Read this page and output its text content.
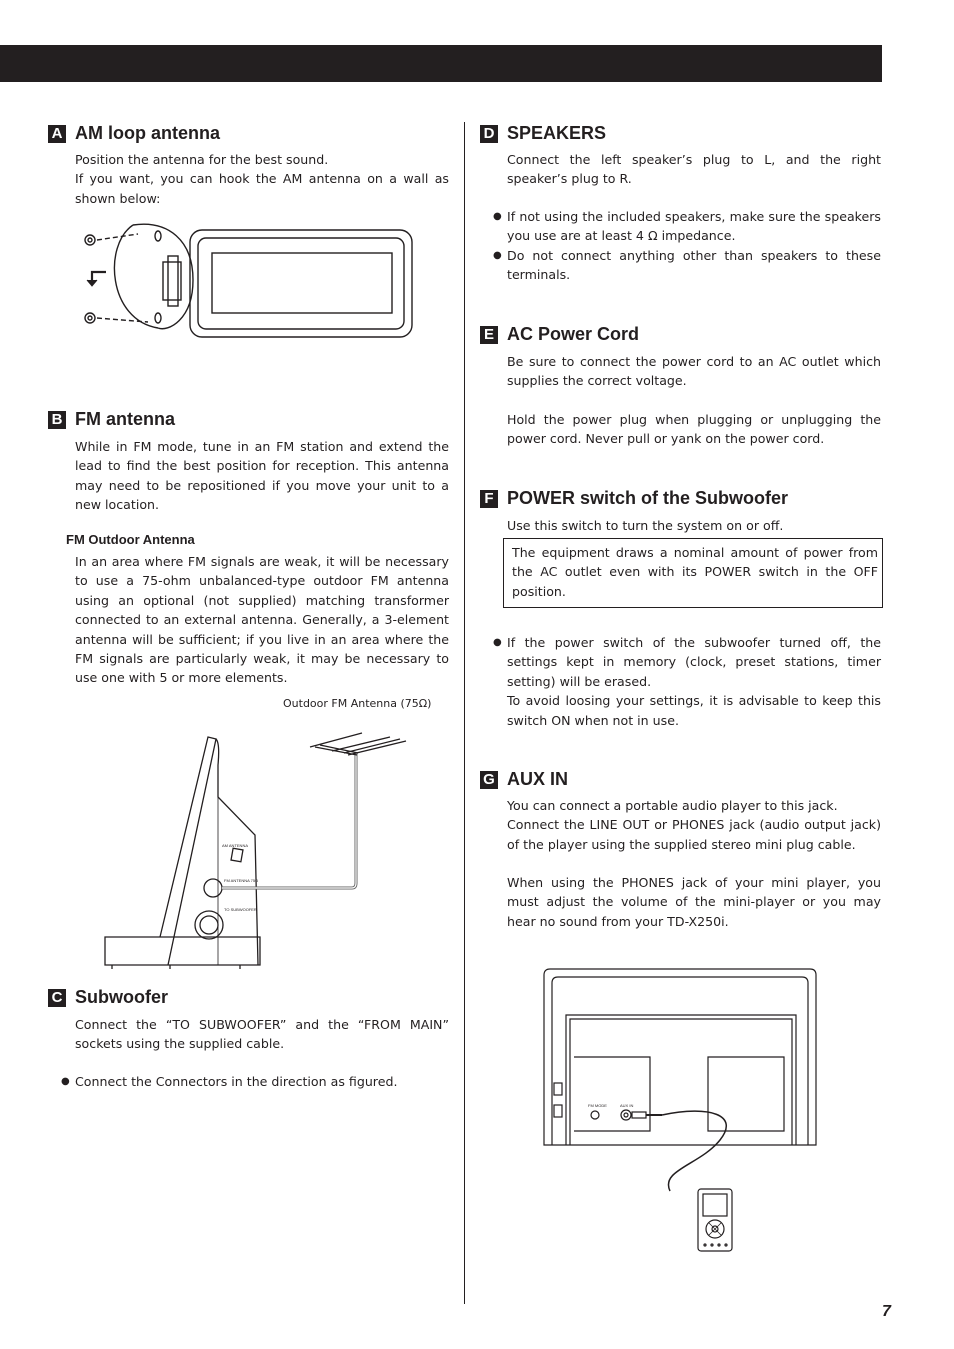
A AM loop antenna
Position the antenna for the best sound.
If you want, you can hook the AM antenna on a wall as shown below:
B FM antenna
While in FM mode, tune in an FM station and extend the lead to find the best position for reception. This antenna may need to be repositioned if you move your unit to a new location.
FM Outdoor Antenna
In an area where FM signals are weak, it will be necessary to use a 75-ohm unbalanced-type outdoor FM antenna using an optional (not supplied) matching transformer connected to an external antenna. Generally, a 3-element antenna will be sufficient; if you live in an area where the FM signals are particularly weak, it may be necessary to use one with 5 or more elements.
Outdoor FM Antenna (75Ω)
AM ANTENNA
FM ANTENNA 75Ω
TO SUBWOOFER
C Subwoofer
Connect the “TO SUBWOOFER” and the “FROM MAIN” sockets using the supplied cable.
● Connect the Connectors in the direction as figured.
D SPEAKERS
Connect the left speaker’s plug to L, and the right speaker’s plug to R.
● If not using the included speakers, make sure the speakers you use are at least 4 Ω impedance.
● Do not connect anything other than speakers to these terminals.
E AC Power Cord
Be sure to connect the power cord to an AC outlet which supplies the correct voltage.
Hold the power plug when plugging or unplugging the power cord. Never pull or yank on the power cord.
F POWER switch of the Subwoofer
Use this switch to turn the system on or off.
The equipment draws a nominal amount of power from the AC outlet even with its POWER switch in the OFF position.
● If the power switch of the subwoofer turned off, the settings kept in memory (clock, preset stations, timer setting) will be erased.
To avoid loosing your settings, it is advisable to keep this switch ON when not in use.
G AUX IN
You can connect a portable audio player to this jack.
Connect the LINE OUT or PHONES jack (audio output jack) of the player using the supplied stereo mini plug cable.
When using the PHONES jack of your mini player, you must adjust the volume of the mini-player or you may hear no sound from your TD-X250i.
FM MODE	AUX IN
7
